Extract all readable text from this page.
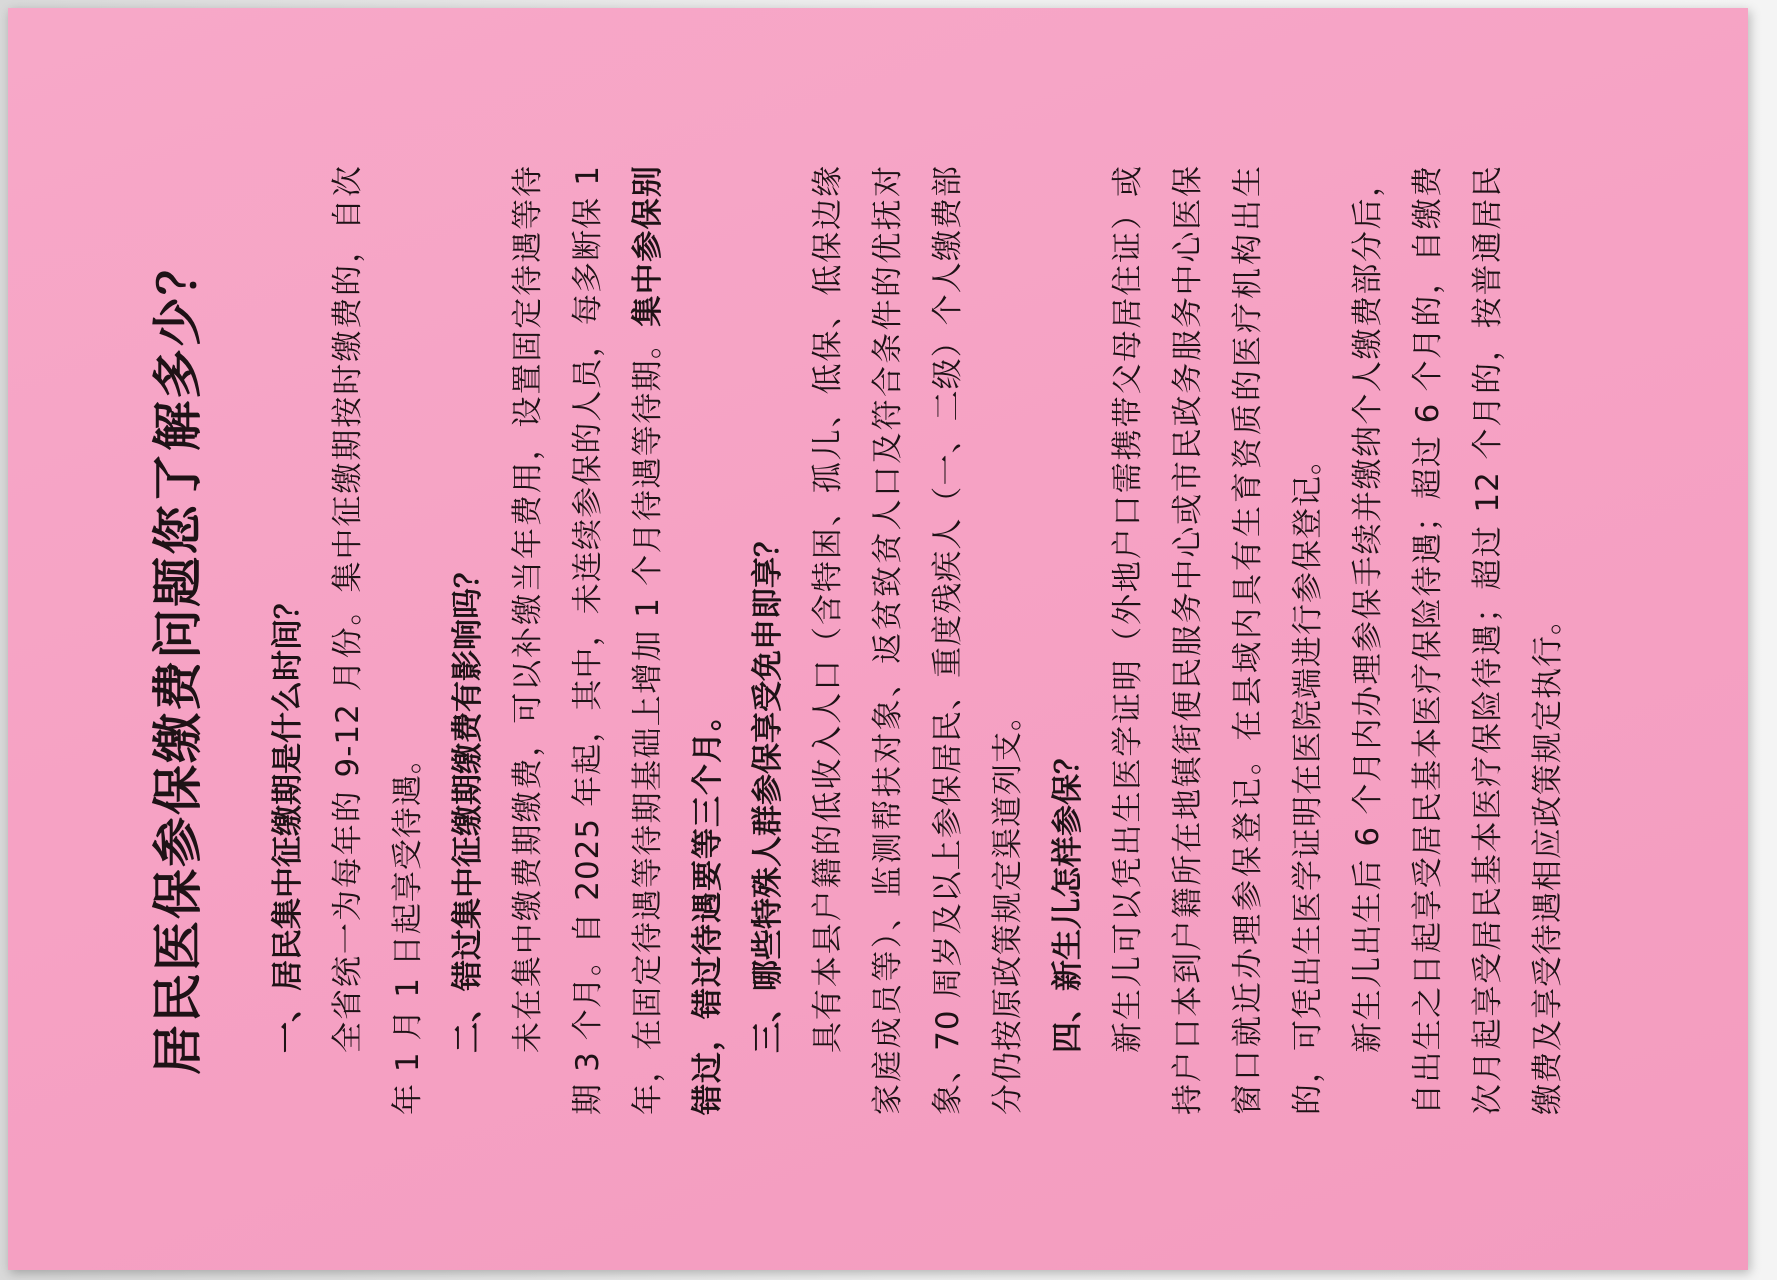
居民医保参保缴费问题您了解多少？	一、居民集中征缴期是什么时间？ 全省统一为每年的 9-12 月份。集中征缴期按时缴费的，自次年 1 月 1 日起享受待遇。 二、错过集中征缴期缴费有影响吗？ 未在集中缴费期缴费，可以补缴当年费用，设置固定待遇等待期 3 个月。自 2025 年起，其中，未连续参保的人员，每多断保 1 年，在固定待遇等待期基础上增加 1 个月待遇等待期。集中参保别错过，错过待遇要等三个月。 三、哪些特殊人群参保享受免申即享？ 具有本县户籍的低收入人口（含特困、孤儿、低保、低保边缘家庭成员等）、监测帮扶对象、返贫致贫人口及符合条件的优抚对象、70 周岁及以上参保居民、重度残疾人（一、二级）个人缴费部分仍按原政策规定渠道列支。 四、新生儿怎样参保？ 新生儿可以凭出生医学证明（外地户口需携带父母居住证）或持户口本到户籍所在地镇街便民服务中心或市民政务服务中心医保窗口就近办理参保登记。在县域内具有生育资质的医疗机构出生的，可凭出生医学证明在医院端进行参保登记。 新生儿出生后 6 个月内办理参保手续并缴纳个人缴费部分后，自出生之日起享受居民基本医疗保险待遇；超过 6 个月的，自缴费次月起享受居民基本医疗保险待遇；超过 12 个月的，按普通居民缴费及享受待遇相应政策规定执行。
